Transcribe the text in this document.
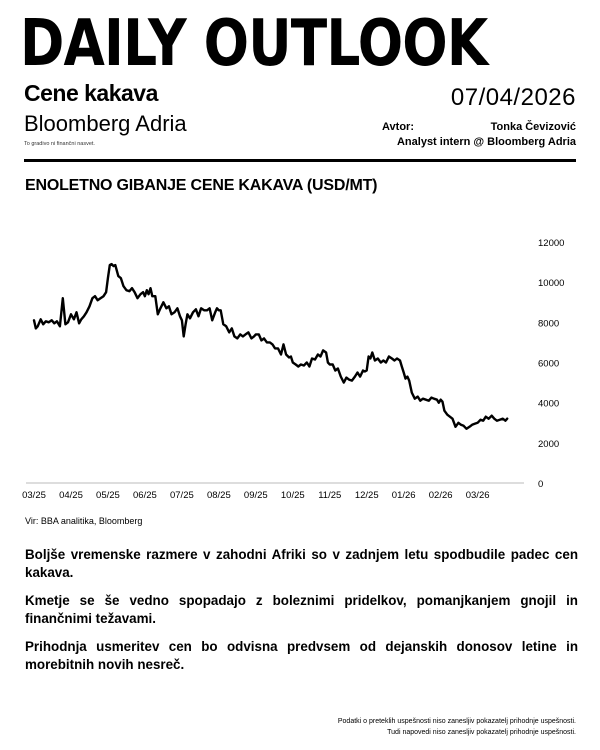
DAILY OUTLOOK
Cene kakava
Bloomberg Adria
To gradivo ni finančni nasvet.
07/04/2026
Avtor:	Tonka Čevizović
Analyst intern @ Bloomberg Adria
ENOLETNO GIBANJE CENE KAKAVA (USD/MT)
0
2000
4000
6000
8000
10000
12000
03/25 04/25 05/25 06/25 07/25 08/25 09/25 10/25 11/25 12/25 01/26 02/26 03/26
Vir: BBA analitika, Bloomberg
Boljše vremenske razmere v zahodni Afriki so v zadnjem letu spodbudile padec cen kakava.
Kmetje se še vedno spopadajo z boleznimi pridelkov, pomanjkanjem gnojil in finančnimi težavami.
Prihodnja usmeritev cen bo odvisna predvsem od dejanskih donosov letine in morebitnih novih nesreč.
Podatki o preteklih uspešnosti niso zanesljiv pokazatelj prihodnje uspešnosti.
Tudi napovedi niso zanesljiv pokazatelj prihodnje uspešnosti.
